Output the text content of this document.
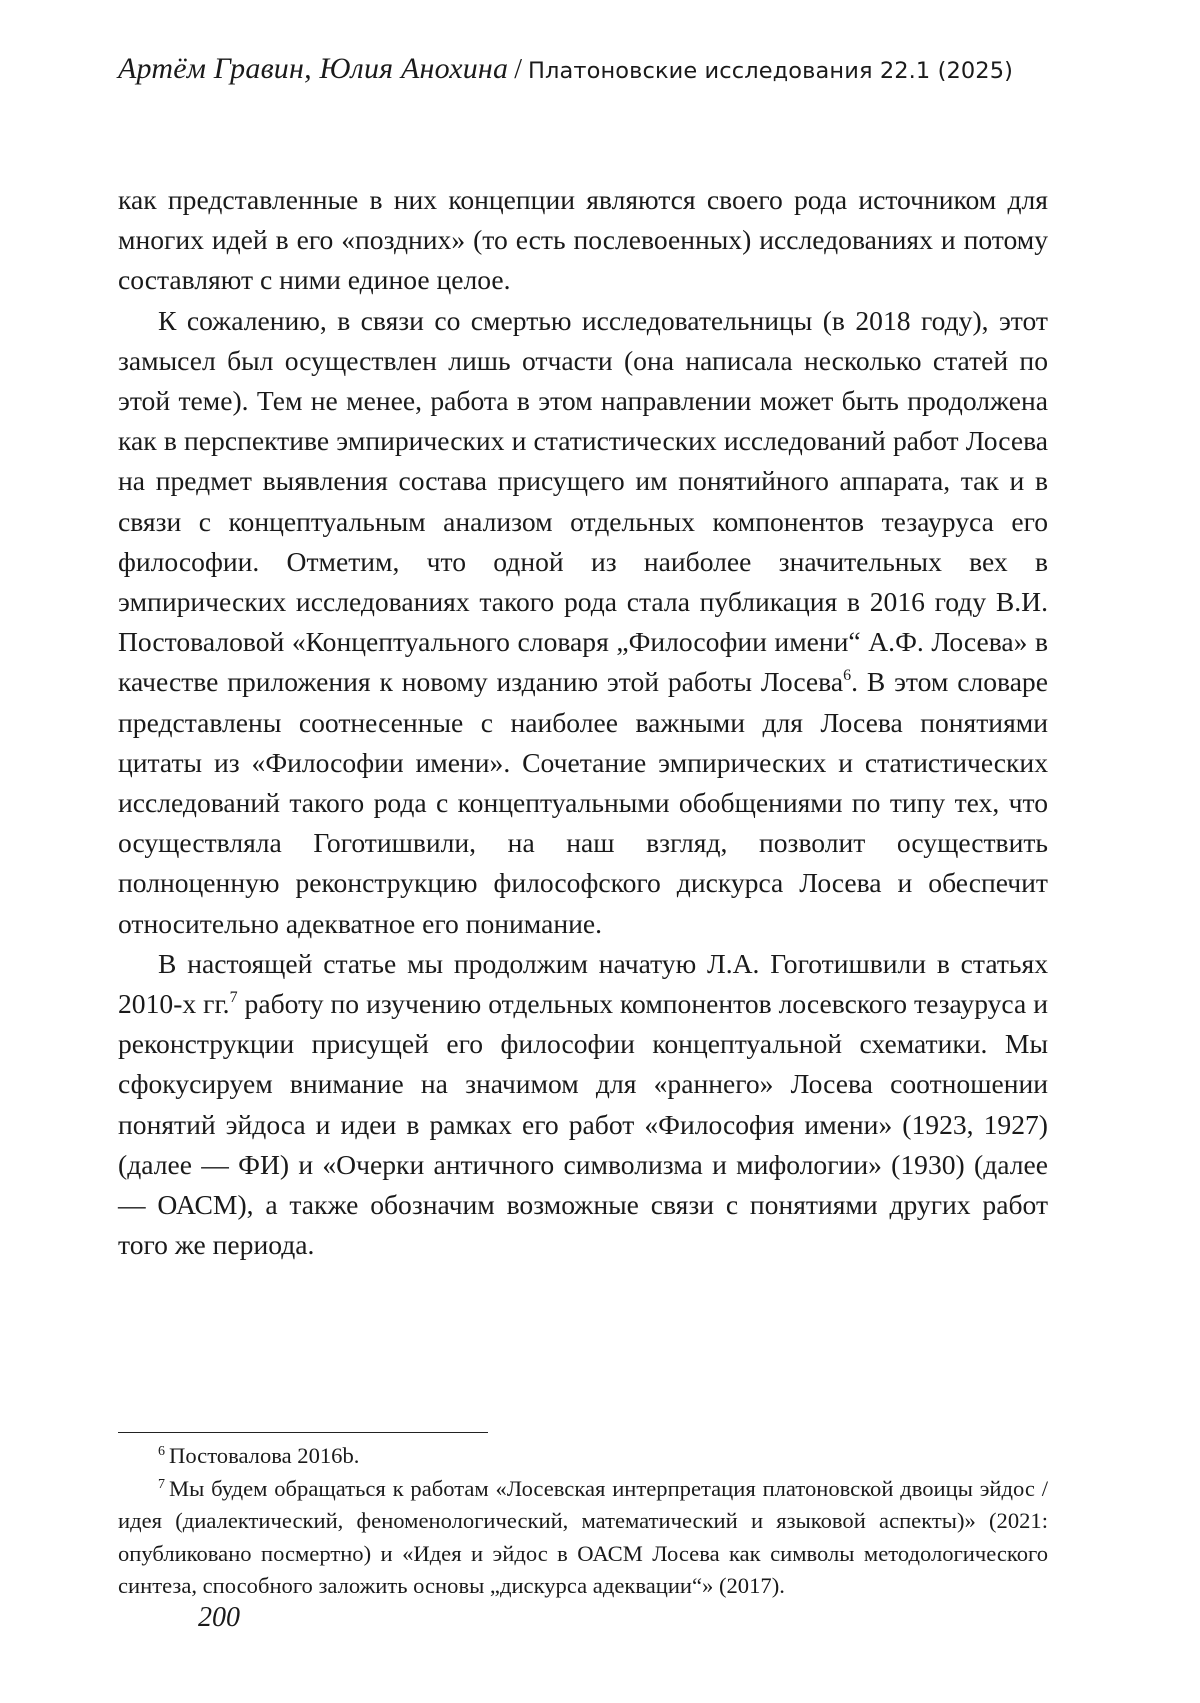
Артём Гравин, Юлия Анохина / Платоновские исследования 22.1 (2025)

как представленные в них концепции являются своего рода источником для многих идей в его «поздних» (то есть послевоенных) исследованиях и потому составляют с ними единое целое.

К сожалению, в связи со смертью исследовательницы (в 2018 году), этот замысел был осуществлен лишь отчасти (она написала несколько статей по этой теме). Тем не менее, работа в этом направлении может быть продолжена как в перспективе эмпирических и статистических исследований работ Лосева на предмет выявления состава присущего им понятийного аппарата, так и в связи с концептуальным анализом отдельных компонентов тезауруса его философии. Отметим, что одной из наиболее значительных вех в эмпирических исследованиях такого рода стала публикация в 2016 году В.И. Постоваловой «Концептуального словаря „Философии имени“ А.Ф. Лосева» в качестве приложения к новому изданию этой работы Лосева$^6$. В этом словаре представлены соотнесенные с наиболее важными для Лосева понятиями цитаты из «Философии имени». Сочетание эмпирических и статистических исследований такого рода с концептуальными обобщениями по типу тех, что осуществляла Гоготишвили, на наш взгляд, позволит осуществить полноценную реконструкцию философского дискурса Лосева и обеспечит относительно адекватное его понимание.

В настоящей статье мы продолжим начатую Л.А. Гоготишвили в статьях 2010-х гг.$^7$ работу по изучению отдельных компонентов лосевского тезауруса и реконструкции присущей его философии концептуальной схематики. Мы сфокусируем внимание на значимом для «раннего» Лосева соотношении понятий эйдоса и идеи в рамках его работ «Философия имени» (1923, 1927) (далее — ФИ) и «Очерки античного символизма и мифологии» (1930) (далее — ОАСМ), а также обозначим возможные связи с понятиями других работ того же периода.

$^6$ Постовалова 2016b.

$^7$ Мы будем обращаться к работам «Лосевская интерпретация платоновской двоицы эйдос / идея (диалектический, феноменологический, математический и языковой аспекты)» (2021: опубликовано посмертно) и «Идея и эйдос в ОАСМ Лосева как символы методологического синтеза, способного заложить основы „дискурса адеквации“» (2017).

200
